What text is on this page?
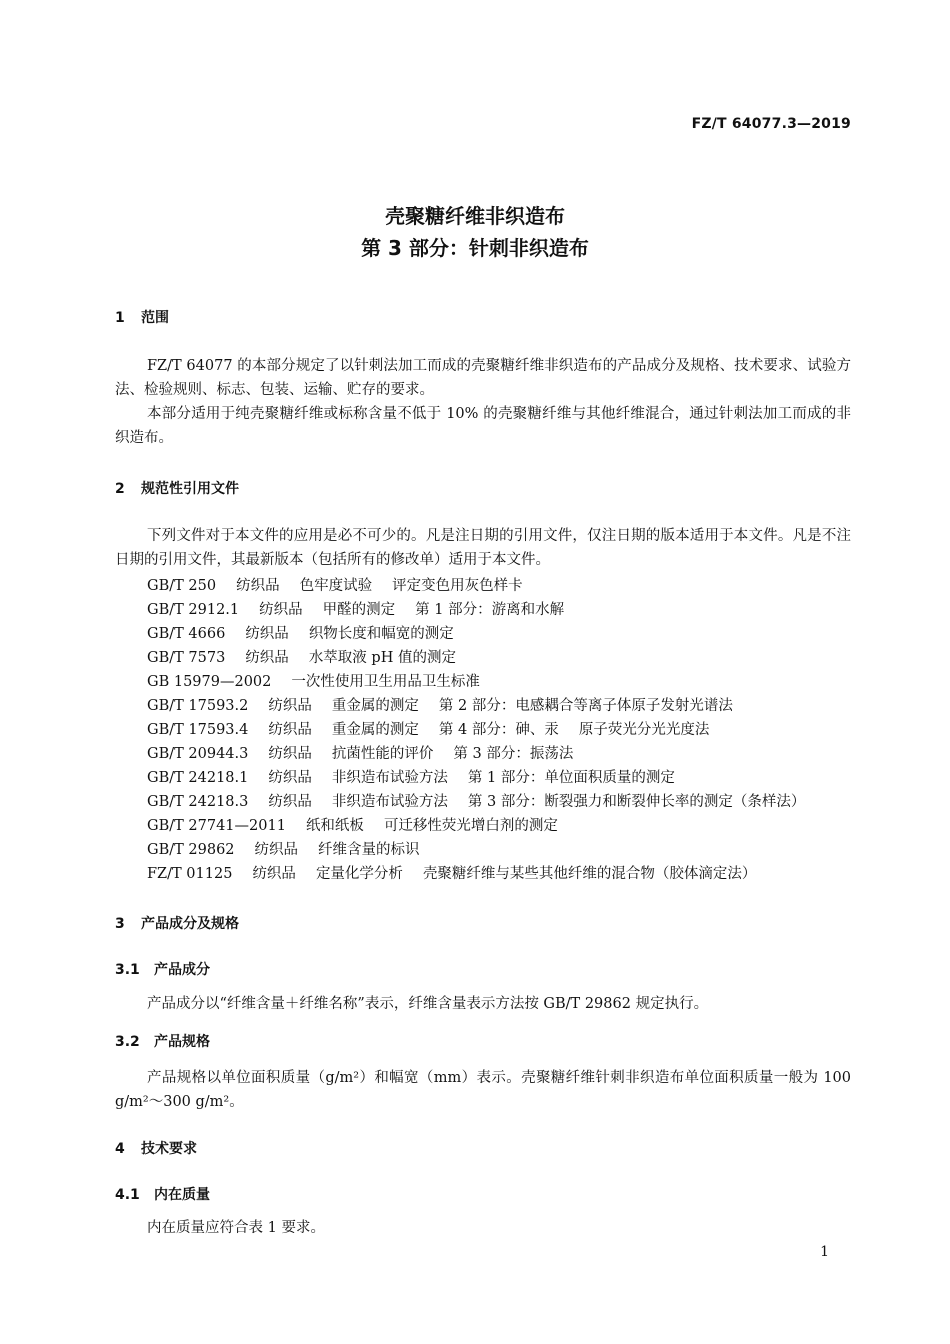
FZ/T 64077.3—2019
壳聚糖纤维非织造布
第 3 部分：针刺非织造布
1 范围
FZ/T 64077 的本部分规定了以针刺法加工而成的壳聚糖纤维非织造布的产品成分及规格、技术要求、试验方法、检验规则、标志、包装、运输、贮存的要求。
本部分适用于纯壳聚糖纤维或标称含量不低于 10% 的壳聚糖纤维与其他纤维混合，通过针刺法加工而成的非织造布。
2 规范性引用文件
下列文件对于本文件的应用是必不可少的。凡是注日期的引用文件，仅注日期的版本适用于本文件。凡是不注日期的引用文件，其最新版本（包括所有的修改单）适用于本文件。
GB/T 250 纺织品 色牢度试验 评定变色用灰色样卡
GB/T 2912.1 纺织品 甲醛的测定 第 1 部分：游离和水解
GB/T 4666 纺织品 织物长度和幅宽的测定
GB/T 7573 纺织品 水萃取液 pH 值的测定
GB 15979—2002 一次性使用卫生用品卫生标准
GB/T 17593.2 纺织品 重金属的测定 第 2 部分：电感耦合等离子体原子发射光谱法
GB/T 17593.4 纺织品 重金属的测定 第 4 部分：砷、汞 原子荧光分光光度法
GB/T 20944.3 纺织品 抗菌性能的评价 第 3 部分：振荡法
GB/T 24218.1 纺织品 非织造布试验方法 第 1 部分：单位面积质量的测定
GB/T 24218.3 纺织品 非织造布试验方法 第 3 部分：断裂强力和断裂伸长率的测定（条样法）
GB/T 27741—2011 纸和纸板 可迁移性荧光增白剂的测定
GB/T 29862 纺织品 纤维含量的标识
FZ/T 01125 纺织品 定量化学分析 壳聚糖纤维与某些其他纤维的混合物（胶体滴定法）
3 产品成分及规格
3.1 产品成分
产品成分以“纤维含量＋纤维名称”表示，纤维含量表示方法按 GB/T 29862 规定执行。
3.2 产品规格
产品规格以单位面积质量（g/m²）和幅宽（mm）表示。壳聚糖纤维针刺非织造布单位面积质量一般为 100 g/m²～300 g/m²。
4 技术要求
4.1 内在质量
内在质量应符合表 1 要求。
1
